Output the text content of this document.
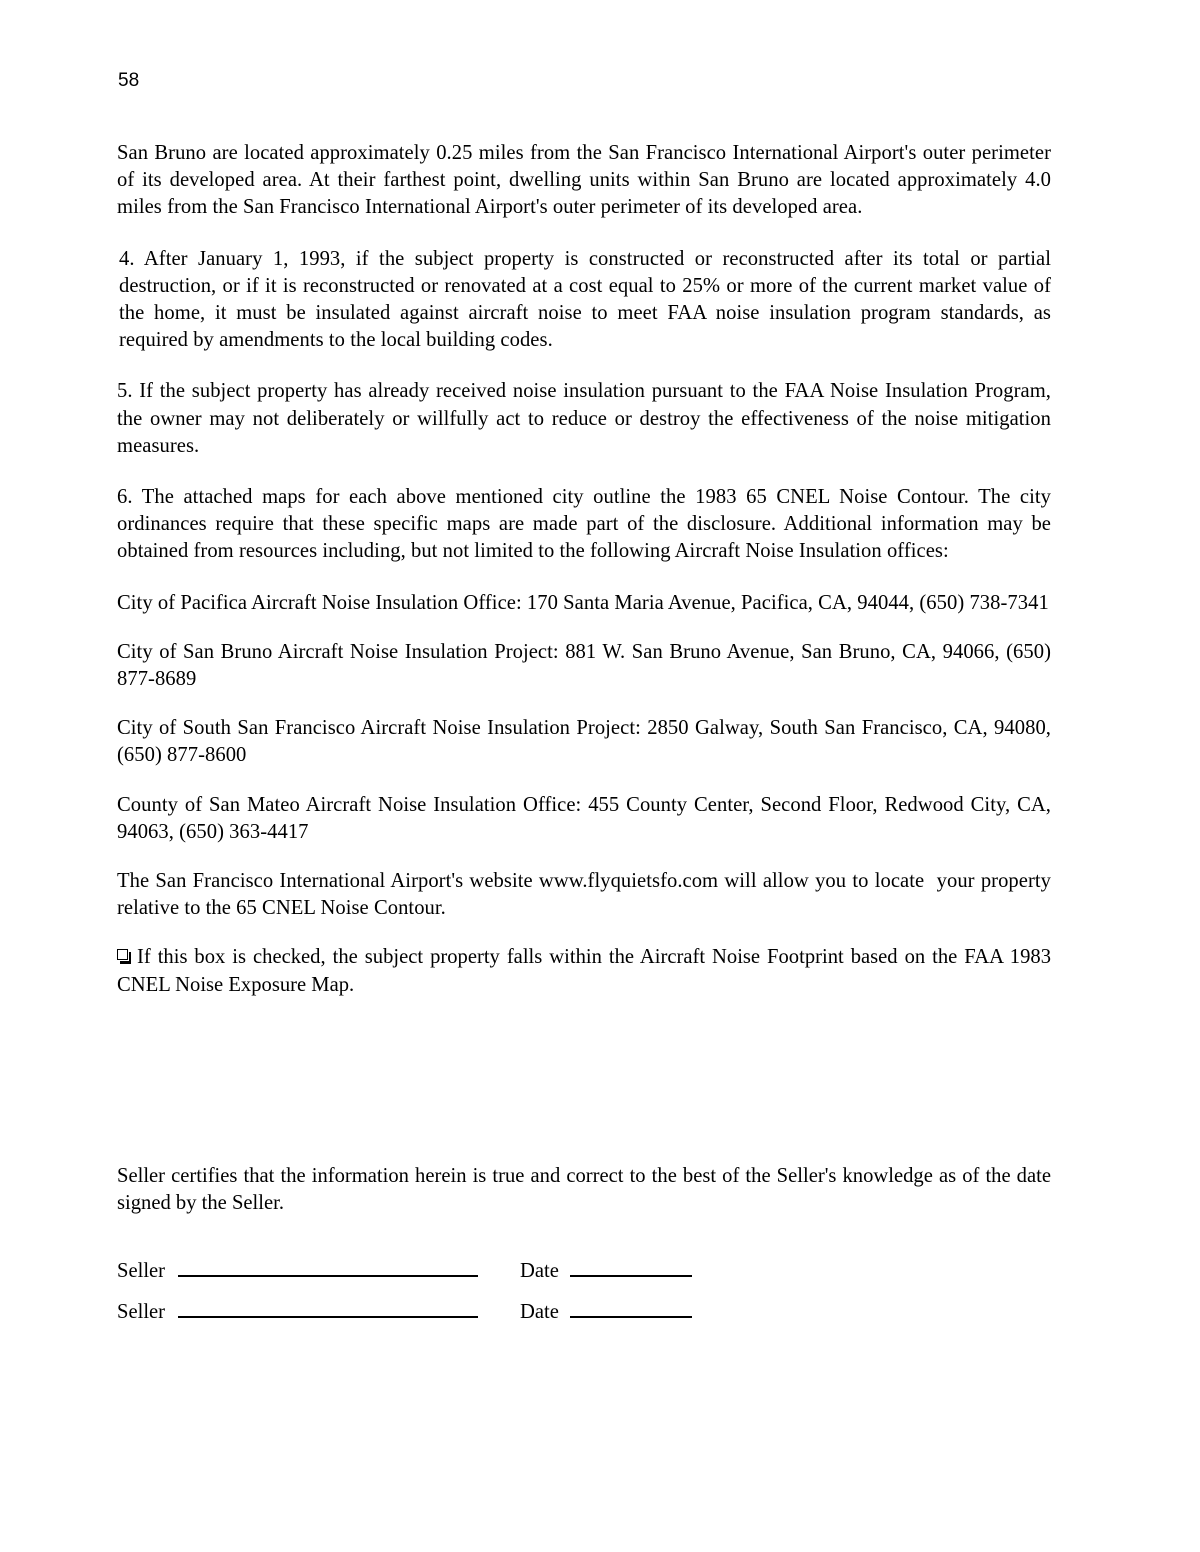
58

San Bruno are located approximately 0.25 miles from the San Francisco International Airport's outer perimeter of its developed area. At their farthest point, dwelling units within San Bruno are located approximately 4.0 miles from the San Francisco International Airport's outer perimeter of its developed area.

4. After January 1, 1993, if the subject property is constructed or reconstructed after its total or partial destruction, or if it is reconstructed or renovated at a cost equal to 25% or more of the current market value of the home, it must be insulated against aircraft noise to meet FAA noise insulation program standards, as required by amendments to the local building codes.

5. If the subject property has already received noise insulation pursuant to the FAA Noise Insulation Program, the owner may not deliberately or willfully act to reduce or destroy the effectiveness of the noise mitigation measures.

6. The attached maps for each above mentioned city outline the 1983 65 CNEL Noise Contour. The city ordinances require that these specific maps are made part of the disclosure. Additional information may be obtained from resources including, but not limited to the following Aircraft Noise Insulation offices:

City of Pacifica Aircraft Noise Insulation Office: 170 Santa Maria Avenue, Pacifica, CA, 94044, (650) 738-7341

City of San Bruno Aircraft Noise Insulation Project: 881 W. San Bruno Avenue, San Bruno, CA, 94066, (650) 877-8689

City of South San Francisco Aircraft Noise Insulation Project: 2850 Galway, South San Francisco, CA, 94080, (650) 877-8600

County of San Mateo Aircraft Noise Insulation Office: 455 County Center, Second Floor, Redwood City, CA, 94063, (650) 363-4417

The San Francisco International Airport's website www.flyquietsfo.com will allow you to locate  your property relative to the 65 CNEL Noise Contour.

If this box is checked, the subject property falls within the Aircraft Noise Footprint based on the FAA 1983 CNEL Noise Exposure Map.

Seller certifies that the information herein is true and correct to the best of the Seller's knowledge as of the date signed by the Seller.
Seller	Date
Seller	Date
